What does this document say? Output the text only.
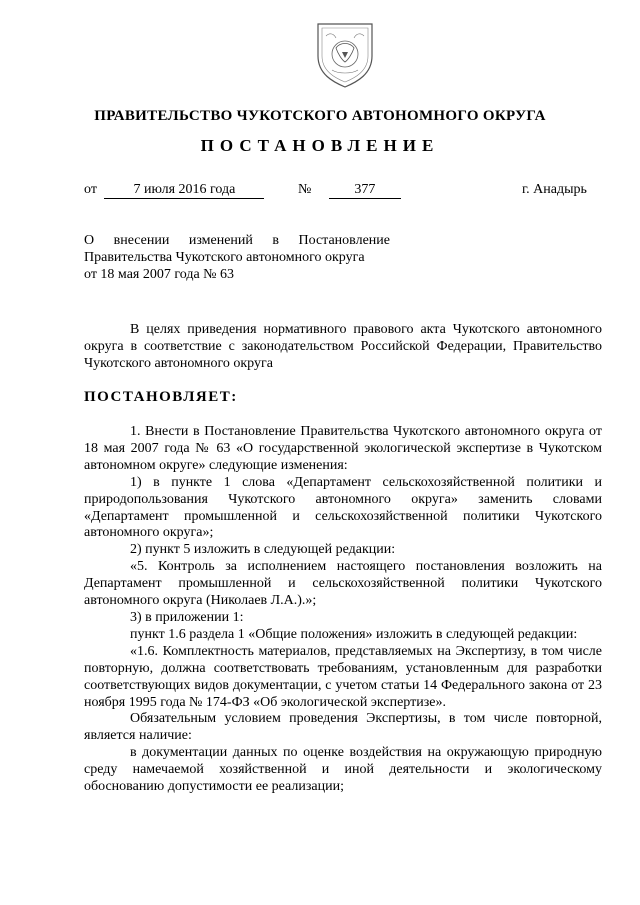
ПРАВИТЕЛЬСТВО ЧУКОТСКОГО АВТОНОМНОГО ОКРУГА
ПОСТАНОВЛЕНИЕ
от	7 июля 2016 года	№	377	г. Анадырь
О внесении изменений в Постановление
Правительства Чукотского автономного округа
от 18 мая 2007 года № 63
В целях приведения нормативного правового акта Чукотского автономного округа в соответствие с законодательством Российской Федерации, Правительство Чукотского автономного округа
ПОСТАНОВЛЯЕТ:
1. Внести в Постановление Правительства Чукотского автономного округа от 18 мая 2007 года № 63 «О государственной экологической экспертизе в Чукотском автономном округе» следующие изменения:
1) в пункте 1 слова «Департамент сельскохозяйственной политики и природопользования Чукотского автономного округа» заменить словами «Департамент промышленной и сельскохозяйственной политики Чукотского автономного округа»;
2) пункт 5 изложить в следующей редакции:
«5. Контроль за исполнением настоящего постановления возложить на Департамент промышленной и сельскохозяйственной политики Чукотского автономного округа (Николаев Л.А.).»;
3) в приложении 1:
пункт 1.6 раздела 1 «Общие положения» изложить в следующей редакции:
«1.6. Комплектность материалов, представляемых на Экспертизу, в том числе повторную, должна соответствовать требованиям, установленным для разработки соответствующих видов документации, с учетом статьи 14 Федерального закона от 23 ноября 1995 года № 174-ФЗ «Об экологической экспертизе».
Обязательным условием проведения Экспертизы, в том числе повторной, является наличие:
в документации данных по оценке воздействия на окружающую природную среду намечаемой хозяйственной и иной деятельности и экологическому обоснованию допустимости ее реализации;
